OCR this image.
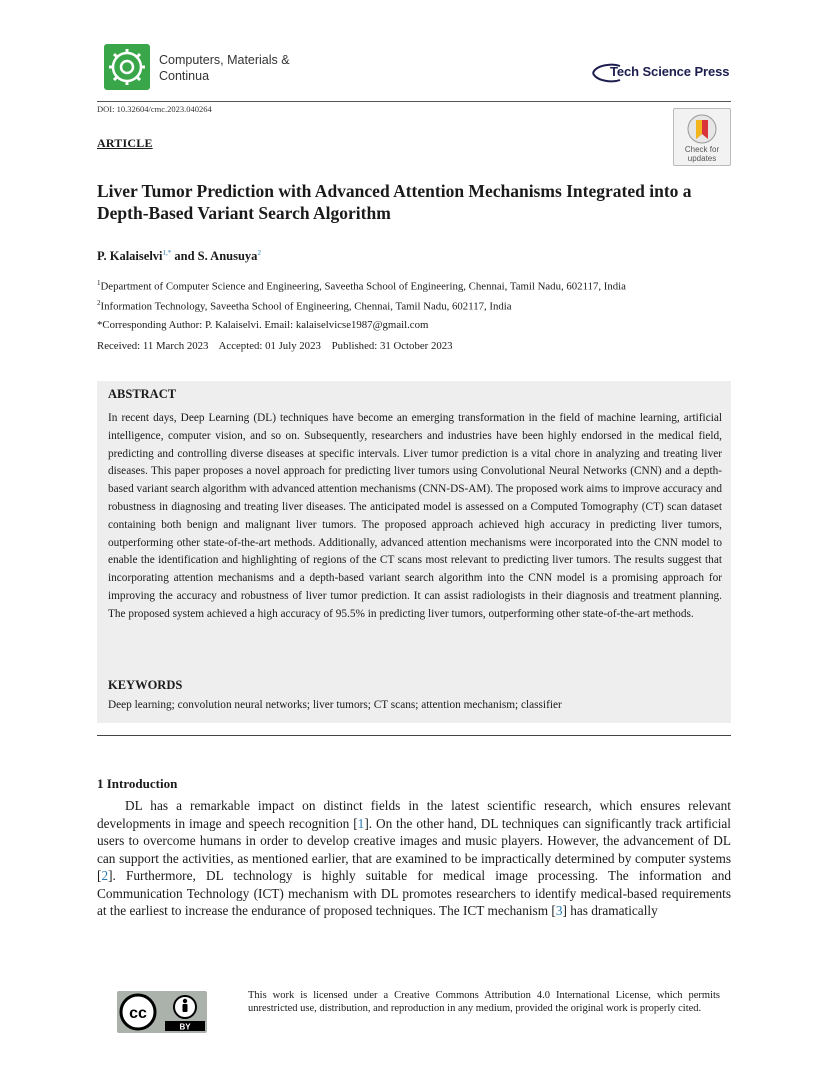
Computers, Materials &
Continua	Tech Science Press
DOI: 10.32604/cmc.2023.040264
ARTICLE	Check for
updates
Liver Tumor Prediction with Advanced Attention Mechanisms Integrated into a Depth-Based Variant Search Algorithm
P. Kalaiselvi$^{1,*}$ and S. Anusuya$^2$
$^1$Department of Computer Science and Engineering, Saveetha School of Engineering, Chennai, Tamil Nadu, 602117, India
$^2$Information Technology, Saveetha School of Engineering, Chennai, Tamil Nadu, 602117, India
*Corresponding Author: P. Kalaiselvi. Email: kalaiselvicse1987@gmail.com
Received: 11 March 2023    Accepted: 01 July 2023    Published: 31 October 2023
ABSTRACT
In recent days, Deep Learning (DL) techniques have become an emerging transformation in the field of machine learning, artificial intelligence, computer vision, and so on. Subsequently, researchers and industries have been highly endorsed in the medical field, predicting and controlling diverse diseases at specific intervals. Liver tumor prediction is a vital chore in analyzing and treating liver diseases. This paper proposes a novel approach for predicting liver tumors using Convolutional Neural Networks (CNN) and a depth-based variant search algorithm with advanced attention mechanisms (CNN-DS-AM). The proposed work aims to improve accuracy and robustness in diagnosing and treating liver diseases. The anticipated model is assessed on a Computed Tomography (CT) scan dataset containing both benign and malignant liver tumors. The proposed approach achieved high accuracy in predicting liver tumors, outperforming other state-of-the-art methods. Additionally, advanced attention mechanisms were incorporated into the CNN model to enable the identification and highlighting of regions of the CT scans most relevant to predicting liver tumors. The results suggest that incorporating attention mechanisms and a depth-based variant search algorithm into the CNN model is a promising approach for improving the accuracy and robustness of liver tumor prediction. It can assist radiologists in their diagnosis and treatment planning. The proposed system achieved a high accuracy of 95.5% in predicting liver tumors, outperforming other state-of-the-art methods.
KEYWORDS
Deep learning; convolution neural networks; liver tumors; CT scans; attention mechanism; classifier
1 Introduction
DL has a remarkable impact on distinct fields in the latest scientific research, which ensures relevant developments in image and speech recognition [1]. On the other hand, DL techniques can significantly track artificial users to overcome humans in order to develop creative images and music players. However, the advancement of DL can support the activities, as mentioned earlier, that are examined to be impractically determined by computer systems [2]. Furthermore, DL technology is highly suitable for medical image processing. The information and Communication Technology (ICT) mechanism with DL promotes researchers to identify medical-based requirements at the earliest to increase the endurance of proposed techniques. The ICT mechanism [3] has dramatically
cc
BY
This work is licensed under a Creative Commons Attribution 4.0 International License, which permits unrestricted use, distribution, and reproduction in any medium, provided the original work is properly cited.
